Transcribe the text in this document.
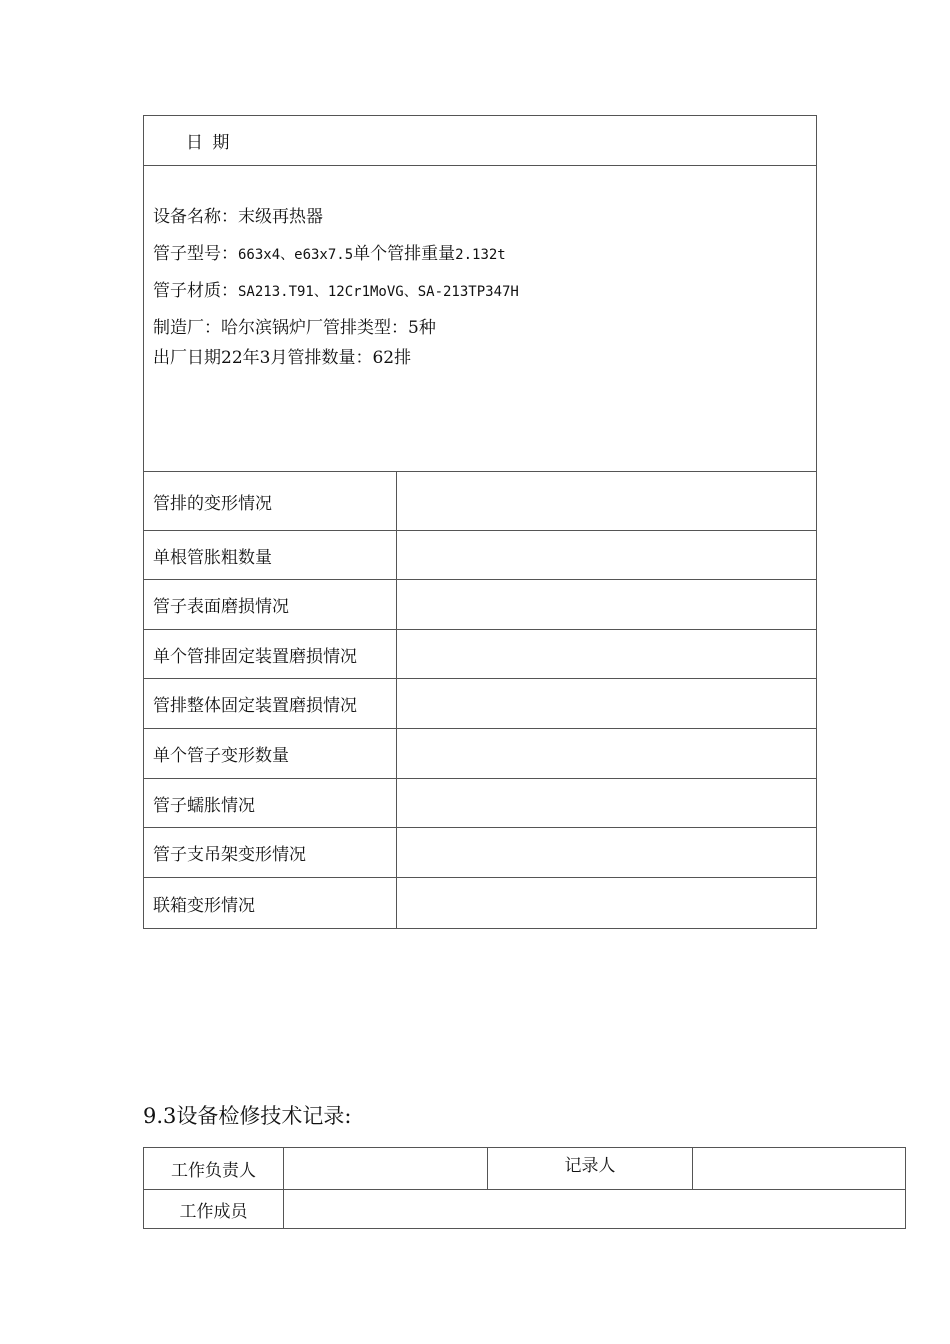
日 期	

设备名称：末级再热器
管子型号：663x4、e63x7.5单个管排重量2.132t
管子材质：SA213.T91、12Cr1MoVG、SA-213TP347H
制造厂：哈尔滨锅炉厂管排类型：5种
出厂日期22年3月管排数量：62排	

管排的变形情况	
单根管胀粗数量	
管子表面磨损情况	
单个管排固定装置磨损情况	
管排整体固定装置磨损情况	
单个管子变形数量	
管子蠕胀情况	
管子支吊架变形情况	
联箱变形情况	
9.3设备检修技术记录:
工作负责人		记录人	
工作成员			
